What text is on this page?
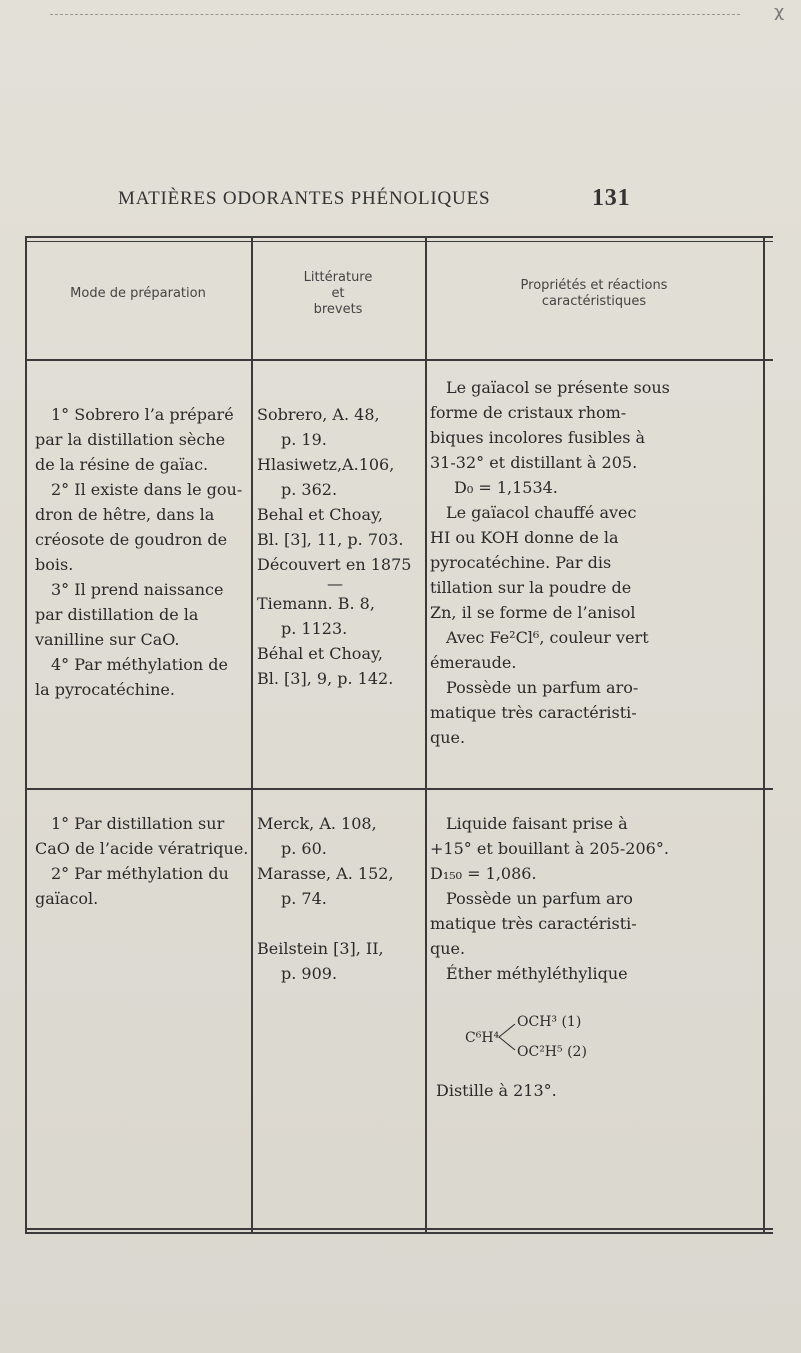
ᵡ
MATIÈRES ODORANTES PHÉNOLIQUES	131
Mode de préparation
Littérature
et
brevets
Propriétés et réactions
caractéristiques
1° Sobrero l’a préparé
par la distillation sèche
de la résine de gaïac.
2° Il existe dans le gou-
dron de hêtre, dans la
créosote de goudron de
bois.
3° Il prend naissance
par distillation de la
vanilline sur CaO.
4° Par méthylation de
la pyrocatéchine.
Sobrero, A. 48,
p. 19.
Hlasiwetz,A.106,
p. 362.
Behal et Choay,
Bl. [3], 11, p. 703.
Découvert en 1875
—
Tiemann. B. 8,
p. 1123.
Béhal et Choay,
Bl. [3], 9, p. 142.
Le gaïacol se présente sous
forme de cristaux rhom-
biques incolores fusibles à
31-32° et distillant à 205.
D₀ = 1,1534.
Le gaïacol chauffé avec
HI ou KOH donne de la
pyrocatéchine. Par dis
tillation sur la poudre de
Zn, il se forme de l’anisol
Avec Fe²Cl⁶, couleur vert
émeraude.
Possède un parfum aro-
matique très caractéristi-
que.
1° Par distillation sur
CaO de l’acide vératrique.
2° Par méthylation du
gaïacol.
Merck, A. 108,
p. 60.
Marasse, A. 152,
p. 74.

Beilstein [3], II,
p. 909.
Liquide faisant prise à
+15° et bouillant à 205-206°.
D₁₅₀ = 1,086.
Possède un parfum aro
matique très caractéristi-
que.
Éther méthyléthylique
C⁶H⁴
OCH³ (1)
OC²H⁵ (2)
Distille à 213°.
